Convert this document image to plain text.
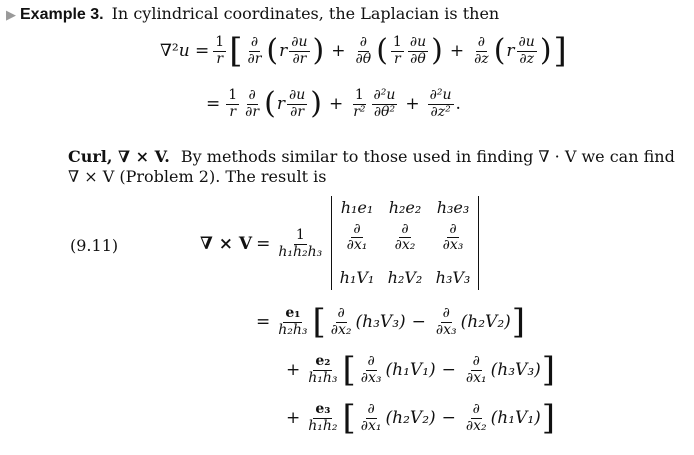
▶ Example 3. In cylindrical coordinates, the Laplacian is then
$\nabla^2u = \frac{1}{r}$ [ $\frac{\partial}{\partial r}$ ( r $\frac{\partial u}{\partial r}$ ) + $\frac{\partial}{\partial\theta}$ ( $\frac{1}{r} \frac{\partial u}{\partial\theta}$ ) + $\frac{\partial}{\partial z}$ ( r $\frac{\partial u}{\partial z}$ ) ]
= $\frac{1}{r} \frac{\partial}{\partial r}$ ( r $\frac{\partial u}{\partial r}$ ) + $\frac{1}{\text{r²}} \frac{\text{∂²u}}{\text{∂θ²}} + \frac{\text{∂²u}}{\text{∂z²}}$ .
Curl, ∇ × V. By methods similar to those used in finding ∇ · V we can find
∇ × V (Problem 2). The result is
(9.11)	∇ × $V = \frac{1}{\text{h₁h₂h₃}}$
h₁e₁ h₂e₂ h₃e₃
$\frac{\partial}{\text{∂x₁}} \frac{\partial}{\text{∂x₂}} \frac{\partial}{\text{∂x₃}}$
h₁V₁ h₂V₂ h₃V₃
= $\frac{\text{e₁}}{\text{h₂h₃}}$ [ $\frac{\partial}{\text{∂x₂}} (h_3V_3) - \frac{\partial}{\text{∂x₃}} (h_2V_2)$ ]
+ $\frac{\text{e₂}}{\text{h₁h₃}}$ [ $\frac{\partial}{\text{∂x₃}} (h_1V_1) - \frac{\partial}{\text{∂x₁}} (h_3V_3)$ ]
+ $\frac{\text{e₃}}{\text{h₁h₂}}$ [ $\frac{\partial}{\text{∂x₁}} (h_2V_2) - \frac{\partial}{\text{∂x₂}} (h_1V_1)$ ]
